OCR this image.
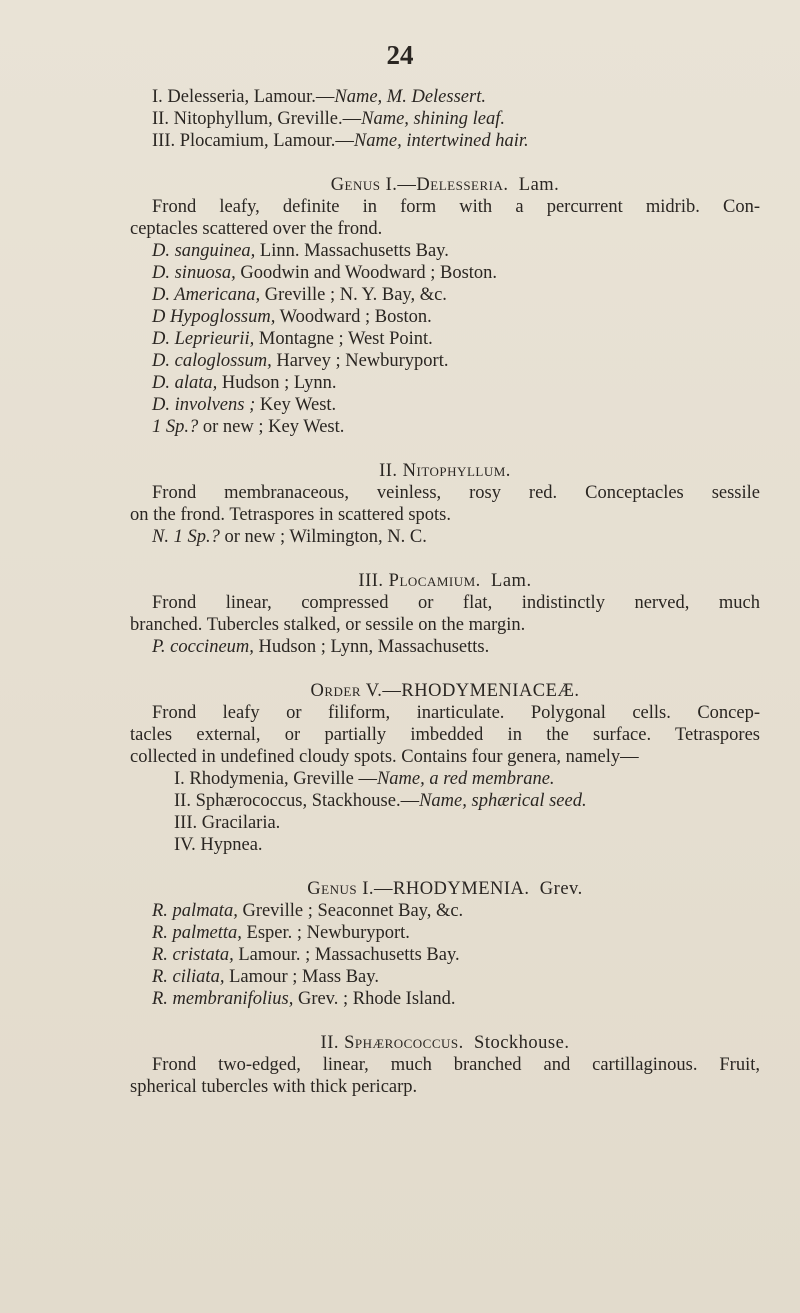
24
I. Delesseria, Lamour.—Name, M. Delessert.
II. Nitophyllum, Greville.—Name, shining leaf.
III. Plocamium, Lamour.—Name, intertwined hair.
Genus I.—Delesseria. Lam.
Frond leafy, definite in form with a percurrent midrib. Con-
ceptacles scattered over the frond.
D. sanguinea, Linn. Massachusetts Bay.
D. sinuosa, Goodwin and Woodward ; Boston.
D. Americana, Greville ; N. Y. Bay, &c.
D Hypoglossum, Woodward ; Boston.
D. Leprieurii, Montagne ; West Point.
D. caloglossum, Harvey ; Newburyport.
D. alata, Hudson ; Lynn.
D. involvens ; Key West.
1 Sp.? or new ; Key West.
II. Nitophyllum.
Frond membranaceous, veinless, rosy red. Conceptacles sessile
on the frond. Tetraspores in scattered spots.
N. 1 Sp.? or new ; Wilmington, N. C.
III. Plocamium. Lam.
Frond linear, compressed or flat, indistinctly nerved, much
branched. Tubercles stalked, or sessile on the margin.
P. coccineum, Hudson ; Lynn, Massachusetts.
Order V.—RHODYMENIACEÆ.
Frond leafy or filiform, inarticulate. Polygonal cells. Concep-
tacles external, or partially imbedded in the surface. Tetraspores
collected in undefined cloudy spots. Contains four genera, namely—
I. Rhodymenia, Greville —Name, a red membrane.
II. Sphærococcus, Stackhouse.—Name, sphærical seed.
III. Gracilaria.
IV. Hypnea.
Genus I.—RHODYMENIA. Grev.
R. palmata, Greville ; Seaconnet Bay, &c.
R. palmetta, Esper. ; Newburyport.
R. cristata, Lamour. ; Massachusetts Bay.
R. ciliata, Lamour ; Mass Bay.
R. membranifolius, Grev. ; Rhode Island.
II. Sphærococcus. Stockhouse.
Frond two-edged, linear, much branched and cartillaginous. Fruit,
spherical tubercles with thick pericarp.
